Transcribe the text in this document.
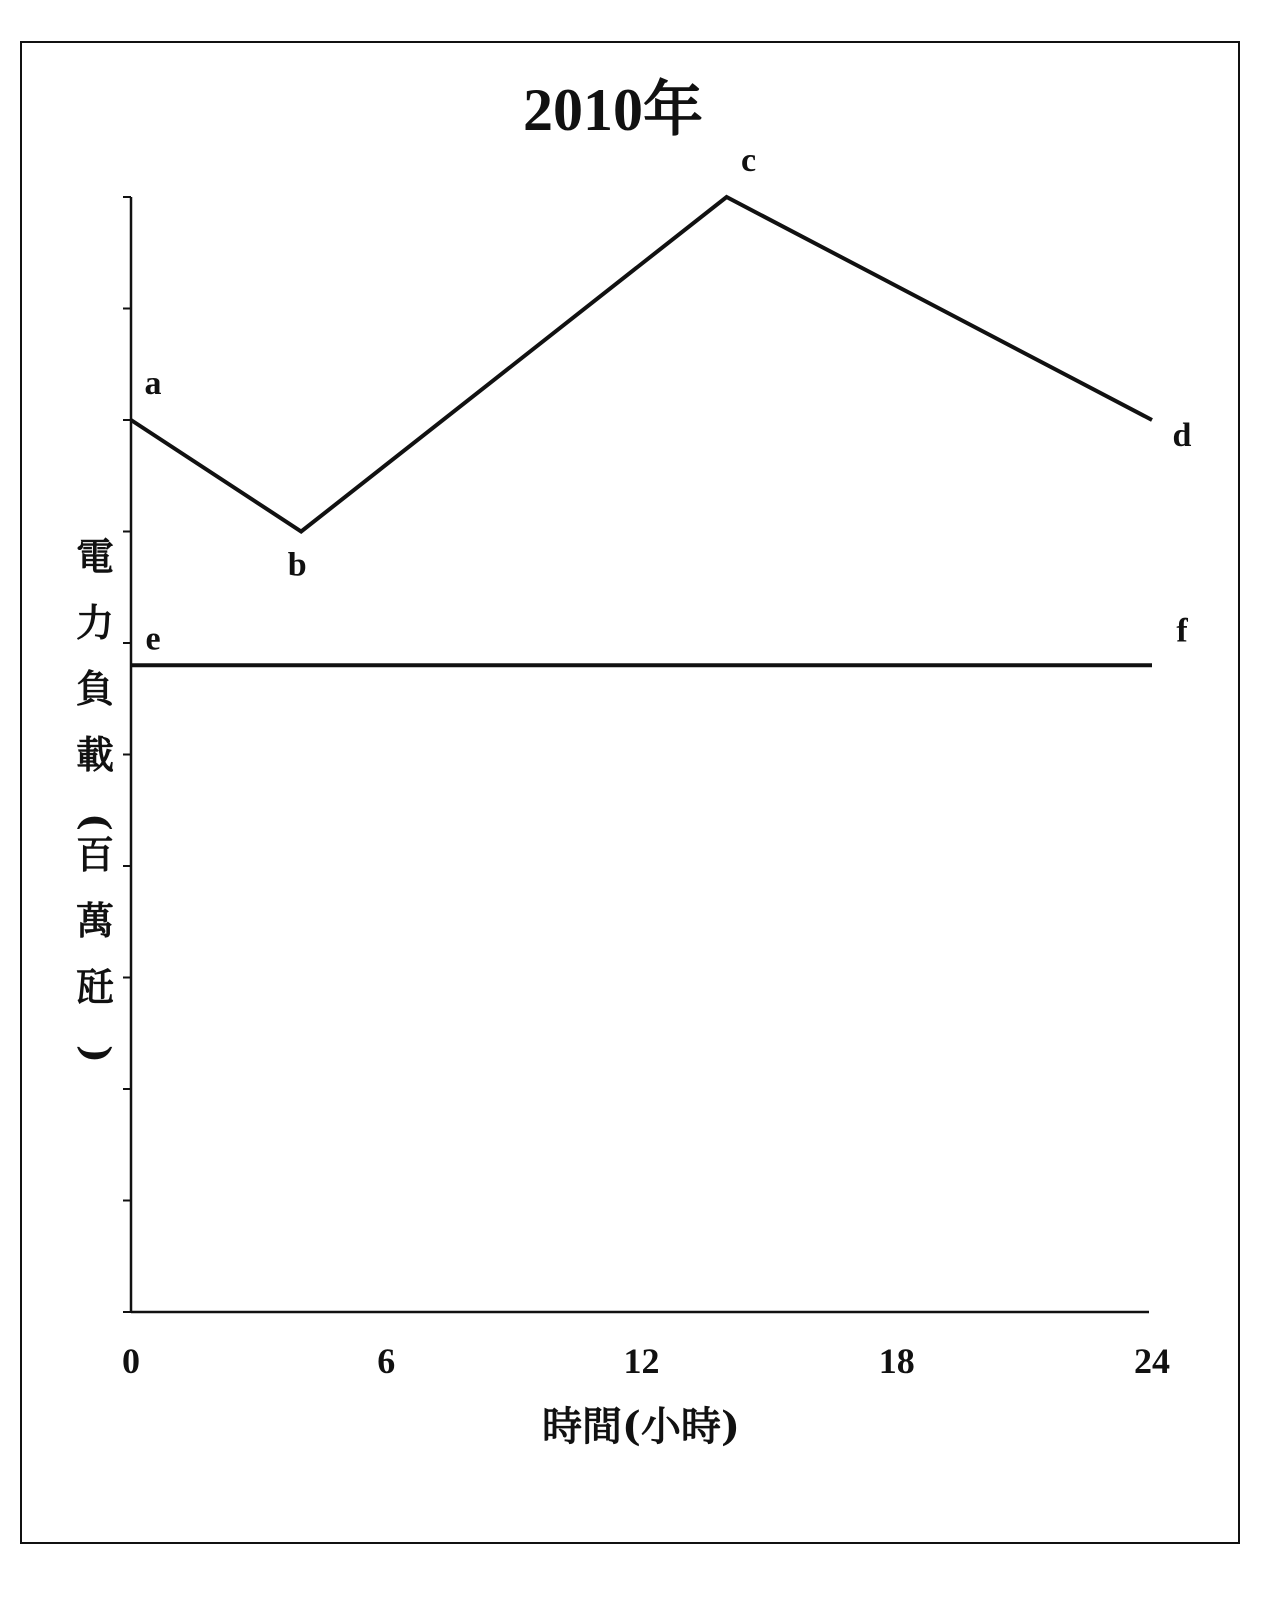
2010年
0	6	12	18	24
a
b
c
d
e	f
時間(小時)
電
力
負
載
(
百
萬
瓩
)
